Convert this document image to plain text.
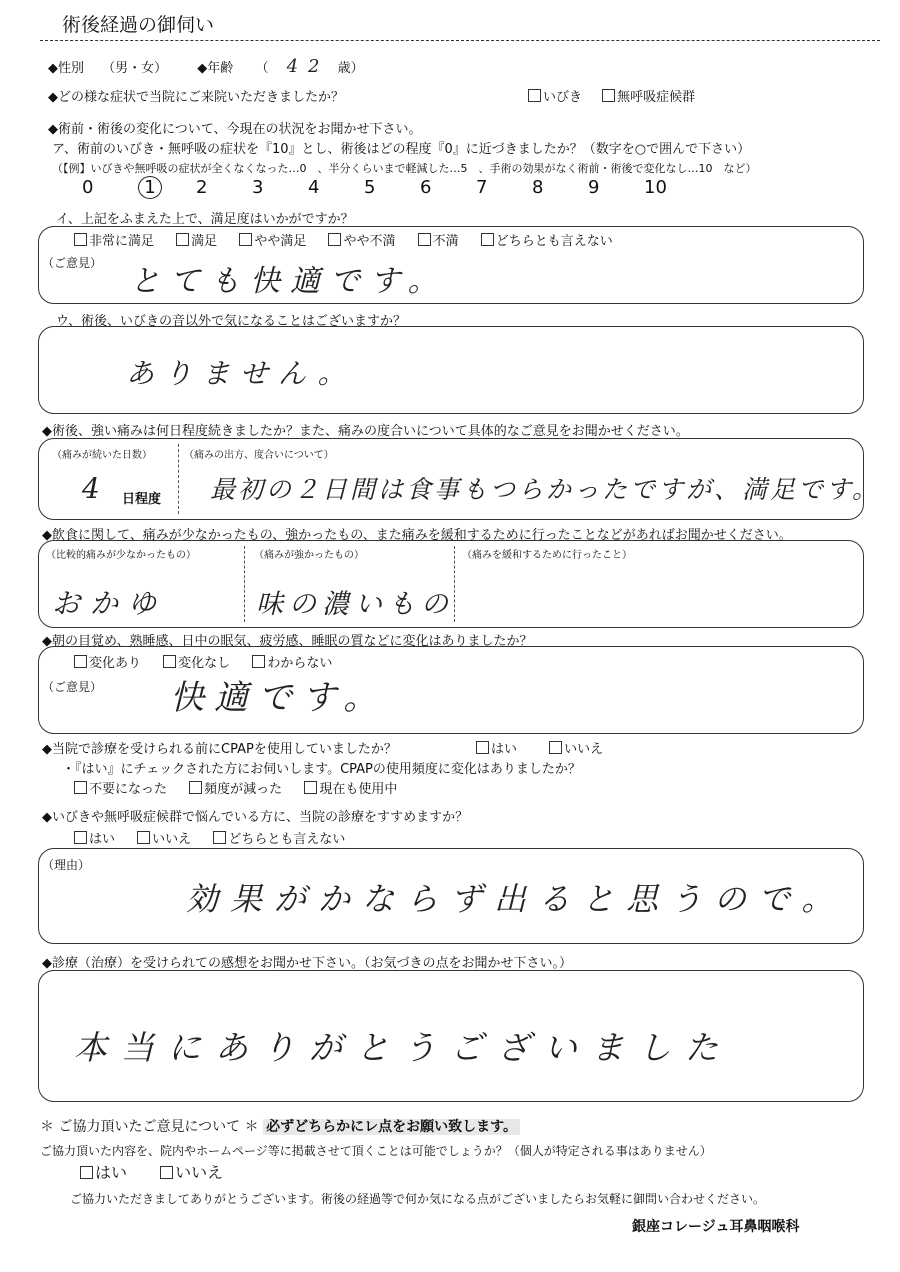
術後経過の御伺い
◆性別 （男・女） ◆年齢 （ 42 歳）
◆どの様な症状で当院にご来院いただきましたか？	いびき	無呼吸症候群
◆術前・術後の変化について、今現在の状況をお聞かせ下さい。
ア、術前のいびき・無呼吸の症状を『10』とし、術後はどの程度『0』に近づきましたか？（数字を○で囲んで下さい）
（【例】いびきや無呼吸の症状が全くなくなった…0　、半分くらいまで軽減した…5　、手術の効果がなく術前・術後で変化なし…10　など）
0	1 2 3 4 5 6 7 8 9 10
イ、上記をふまえた上で、満足度はいかがですか？
非常に満足	満足	やや満足	やや不満	不満	どちらとも言えない
（ご意見）
とても快適です。
ウ、術後、いびきの音以外で気になることはございますか？
ありません。
◆術後、強い痛みは何日程度続きましたか？また、痛みの度合いについて具体的なご意見をお聞かせください。
（痛みが続いた日数）
4 日程度
（痛みの出方、度合いについて）
最初の２日間は食事もつらかったですが、満足です。
◆飲食に関して、痛みが少なかったもの、強かったもの、また痛みを緩和するために行ったことなどがあればお聞かせください。
（比較的痛みが少なかったもの）	（痛みが強かったもの）	（痛みを緩和するために行ったこと）
おかゆ	味の濃いもの
◆朝の目覚め、熟睡感、日中の眠気、疲労感、睡眠の質などに変化はありましたか？
変化あり	変化なし	わからない
（ご意見） 快適です。
◆当院で診療を受けられる前にCPAPを使用していましたか？	はい	いいえ
・『はい』にチェックされた方にお伺いします。CPAPの使用頻度に変化はありましたか？
不要になった	頻度が減った	現在も使用中
◆いびきや無呼吸症候群で悩んでいる方に、当院の診療をすすめますか？
はい	いいえ	どちらとも言えない
（理由）
効果がかならず出ると思うので。
◆診療（治療）を受けられての感想をお聞かせ下さい。（お気づきの点をお聞かせ下さい。）
本当にありがとうございました
＊ ご協力頂いたご意見について ＊ 必ずどちらかにレ点をお願い致します。
ご協力頂いた内容を、院内やホームページ等に掲載させて頂くことは可能でしょうか？（個人が特定される事はありません）
はい	いいえ
ご協力いただきましてありがとうございます。術後の経過等で何か気になる点がございましたらお気軽に御問い合わせください。
銀座コレージュ耳鼻咽喉科
